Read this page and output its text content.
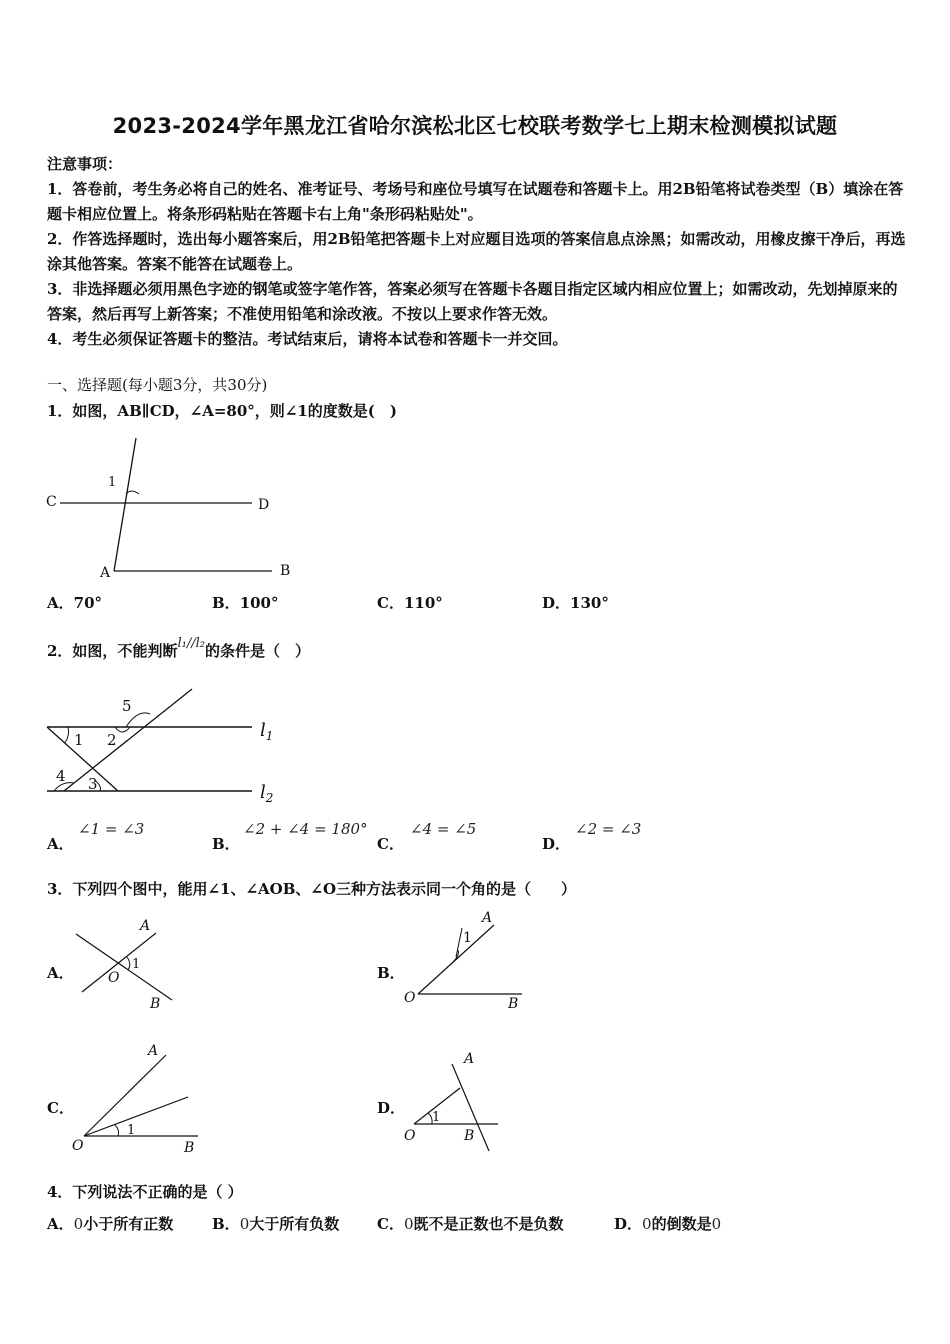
2023-2024学年黑龙江省哈尔滨松北区七校联考数学七上期末检测模拟试题

注意事项：

1．答卷前，考生务必将自己的姓名、准考证号、考场号和座位号填写在试题卷和答题卡上。用2B铅笔将试卷类型（B）填涂在答题卡相应位置上。将条形码粘贴在答题卡右上角"条形码粘贴处"。

2．作答选择题时，选出每小题答案后，用2B铅笔把答题卡上对应题目选项的答案信息点涂黑；如需改动，用橡皮擦干净后，再选涂其他答案。答案不能答在试题卷上。

3．非选择题必须用黑色字迹的钢笔或签字笔作答，答案必须写在答题卡各题目指定区域内相应位置上；如需改动，先划掉原来的答案，然后再写上新答案；不准使用铅笔和涂改液。不按以上要求作答无效。

4．考生必须保证答题卡的整洁。考试结束后，请将本试卷和答题卡一并交回。

一、选择题(每小题3分，共30分)
1．如图，AB∥CD，∠A=80°，则∠1的度数是(　)
C	D
A	B
1
A．70°	B．100°	C．110°	D．130°
2．如图，不能判断l₁//l₂的条件是（　）
1 2
5
4 3
$l_1$
$l_2$
A．
∠1 = ∠3
B．
∠2 + ∠4 = 180°
C．
∠4 = ∠5
D．
∠2 = ∠3
3．下列四个图中，能用∠1、∠AOB、∠O三种方法表示同一个角的是（　　）
A．
A
O
1
B
B．
A
1
O	B
C．
A
1
O	B
D．
A
1
O	B
4．下列说法不正确的是（ ）
A．0小于所有正数	B．0大于所有负数	C．0既不是正数也不是负数	D．0的倒数是0
